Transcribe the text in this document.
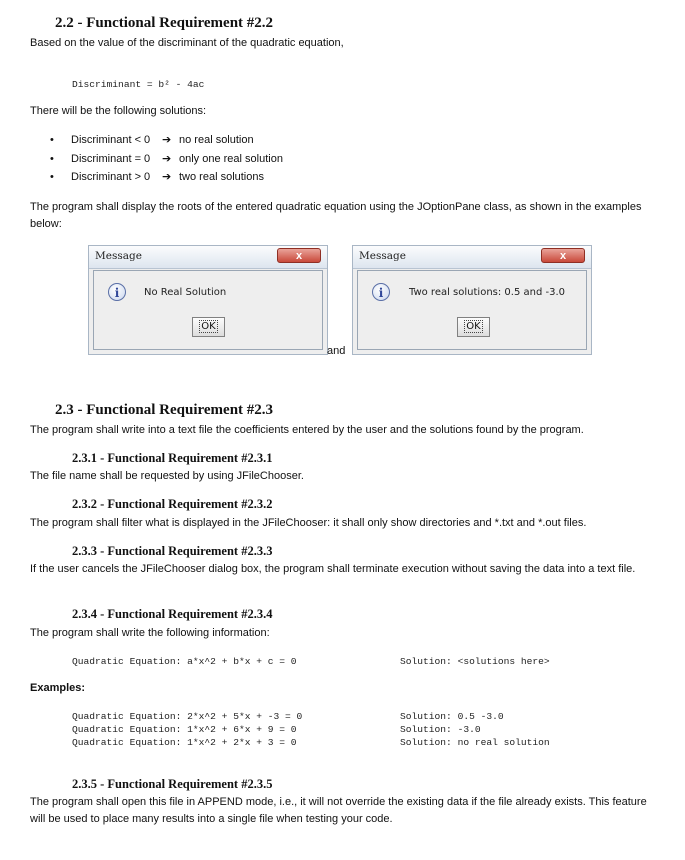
2.2 - Functional Requirement #2.2
Based on the value of the discriminant of the quadratic equation,
Discriminant = b² - 4ac
There will be the following solutions:
• Discriminant < 0 ➔ no real solution
• Discriminant = 0 ➔ only one real solution
• Discriminant > 0 ➔ two real solutions
The program shall display the roots of the entered quadratic equation using the JOptionPane class, as shown in the examples below:
Message	x
i	No Real Solution
OK
and
Message	x
i	Two real solutions: 0.5 and -3.0
OK
2.3 - Functional Requirement #2.3
The program shall write into a text file the coefficients entered by the user and the solutions found by the program.
2.3.1 - Functional Requirement #2.3.1
The file name shall be requested by using JFileChooser.
2.3.2 - Functional Requirement #2.3.2
The program shall filter what is displayed in the JFileChooser: it shall only show directories and *.txt and *.out files.
2.3.3 - Functional Requirement #2.3.3
If the user cancels the JFileChooser dialog box, the program shall terminate execution without saving the data into a text file.
2.3.4 - Functional Requirement #2.3.4
The program shall write the following information:
Quadratic Equation: a*x^2 + b*x + c = 0	Solution: <solutions here>
Examples:
Quadratic Equation: 2*x^2 + 5*x + -3 = 0	Solution: 0.5 -3.0
Quadratic Equation: 1*x^2 + 6*x + 9 = 0	Solution: -3.0
Quadratic Equation: 1*x^2 + 2*x + 3 = 0	Solution: no real solution
2.3.5 - Functional Requirement #2.3.5
The program shall open this file in APPEND mode, i.e., it will not override the existing data if the file already exists. This feature will be used to place many results into a single file when testing your code.
